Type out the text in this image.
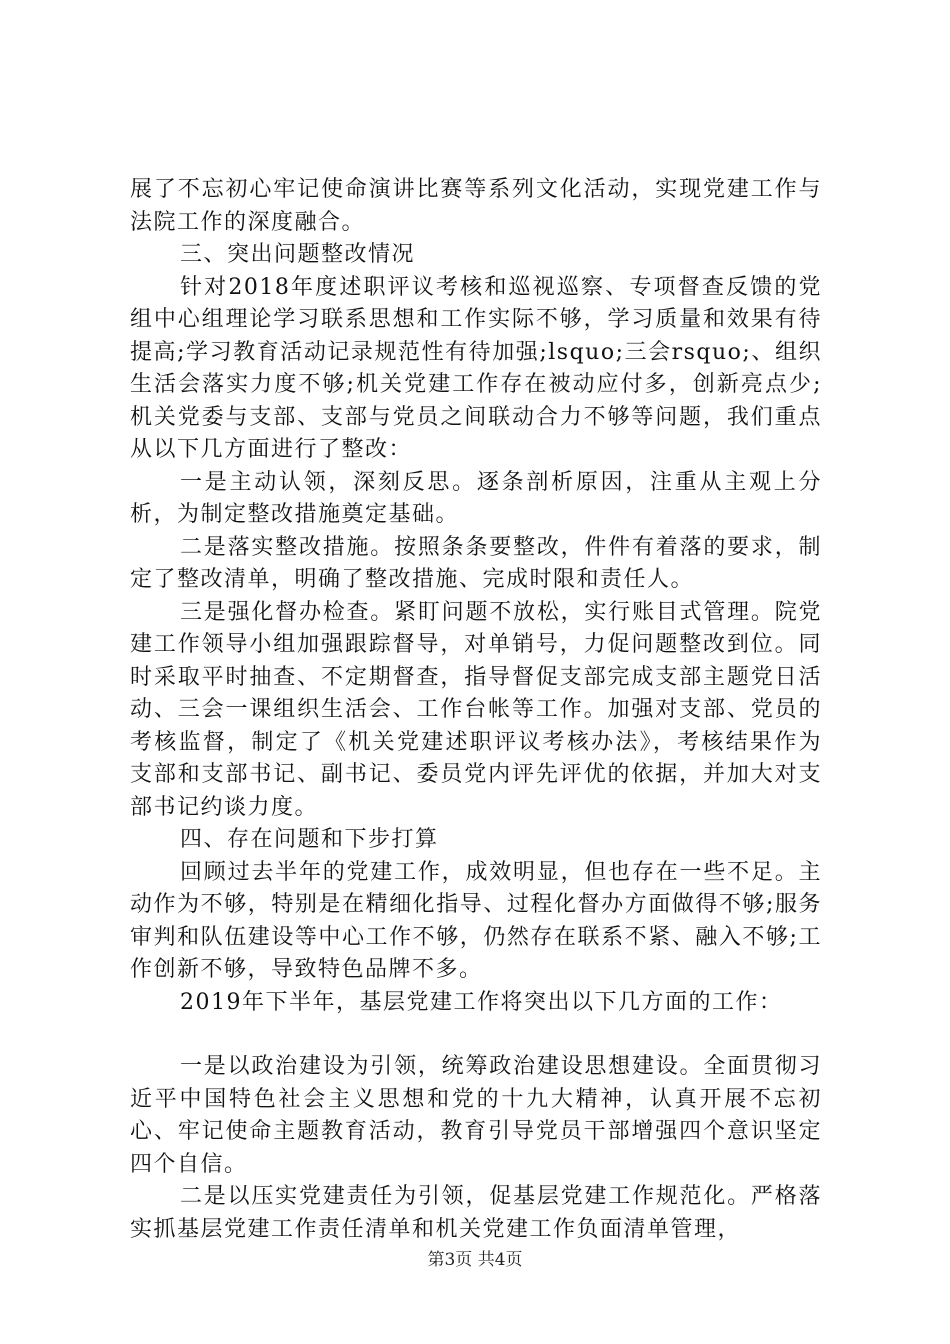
展了不忘初心牢记使命演讲比赛等系列文化活动，实现党建工作与法院工作的深度融合。

三、突出问题整改情况

针对2018年度述职评议考核和巡视巡察、专项督查反馈的党组中心组理论学习联系思想和工作实际不够，学习质量和效果有待提高;学习教育活动记录规范性有待加强;lsquo;三会rsquo;、组织生活会落实力度不够;机关党建工作存在被动应付多，创新亮点少;机关党委与支部、支部与党员之间联动合力不够等问题，我们重点从以下几方面进行了整改：

一是主动认领，深刻反思。逐条剖析原因，注重从主观上分析，为制定整改措施奠定基础。

二是落实整改措施。按照条条要整改，件件有着落的要求，制定了整改清单，明确了整改措施、完成时限和责任人。

三是强化督办检查。紧盯问题不放松，实行账目式管理。院党建工作领导小组加强跟踪督导，对单销号，力促问题整改到位。同时采取平时抽查、不定期督查，指导督促支部完成支部主题党日活动、三会一课组织生活会、工作台帐等工作。加强对支部、党员的考核监督，制定了《机关党建述职评议考核办法》，考核结果作为支部和支部书记、副书记、委员党内评先评优的依据，并加大对支部书记约谈力度。

四、存在问题和下步打算

回顾过去半年的党建工作，成效明显，但也存在一些不足。主动作为不够，特别是在精细化指导、过程化督办方面做得不够;服务审判和队伍建设等中心工作不够，仍然存在联系不紧、融入不够;工作创新不够，导致特色品牌不多。

2019年下半年，基层党建工作将突出以下几方面的工作：

一是以政治建设为引领，统筹政治建设思想建设。全面贯彻习近平中国特色社会主义思想和党的十九大精神，认真开展不忘初心、牢记使命主题教育活动，教育引导党员干部增强四个意识坚定四个自信。

二是以压实党建责任为引领，促基层党建工作规范化。严格落实抓基层党建工作责任清单和机关党建工作负面清单管理，

第3页 共4页
